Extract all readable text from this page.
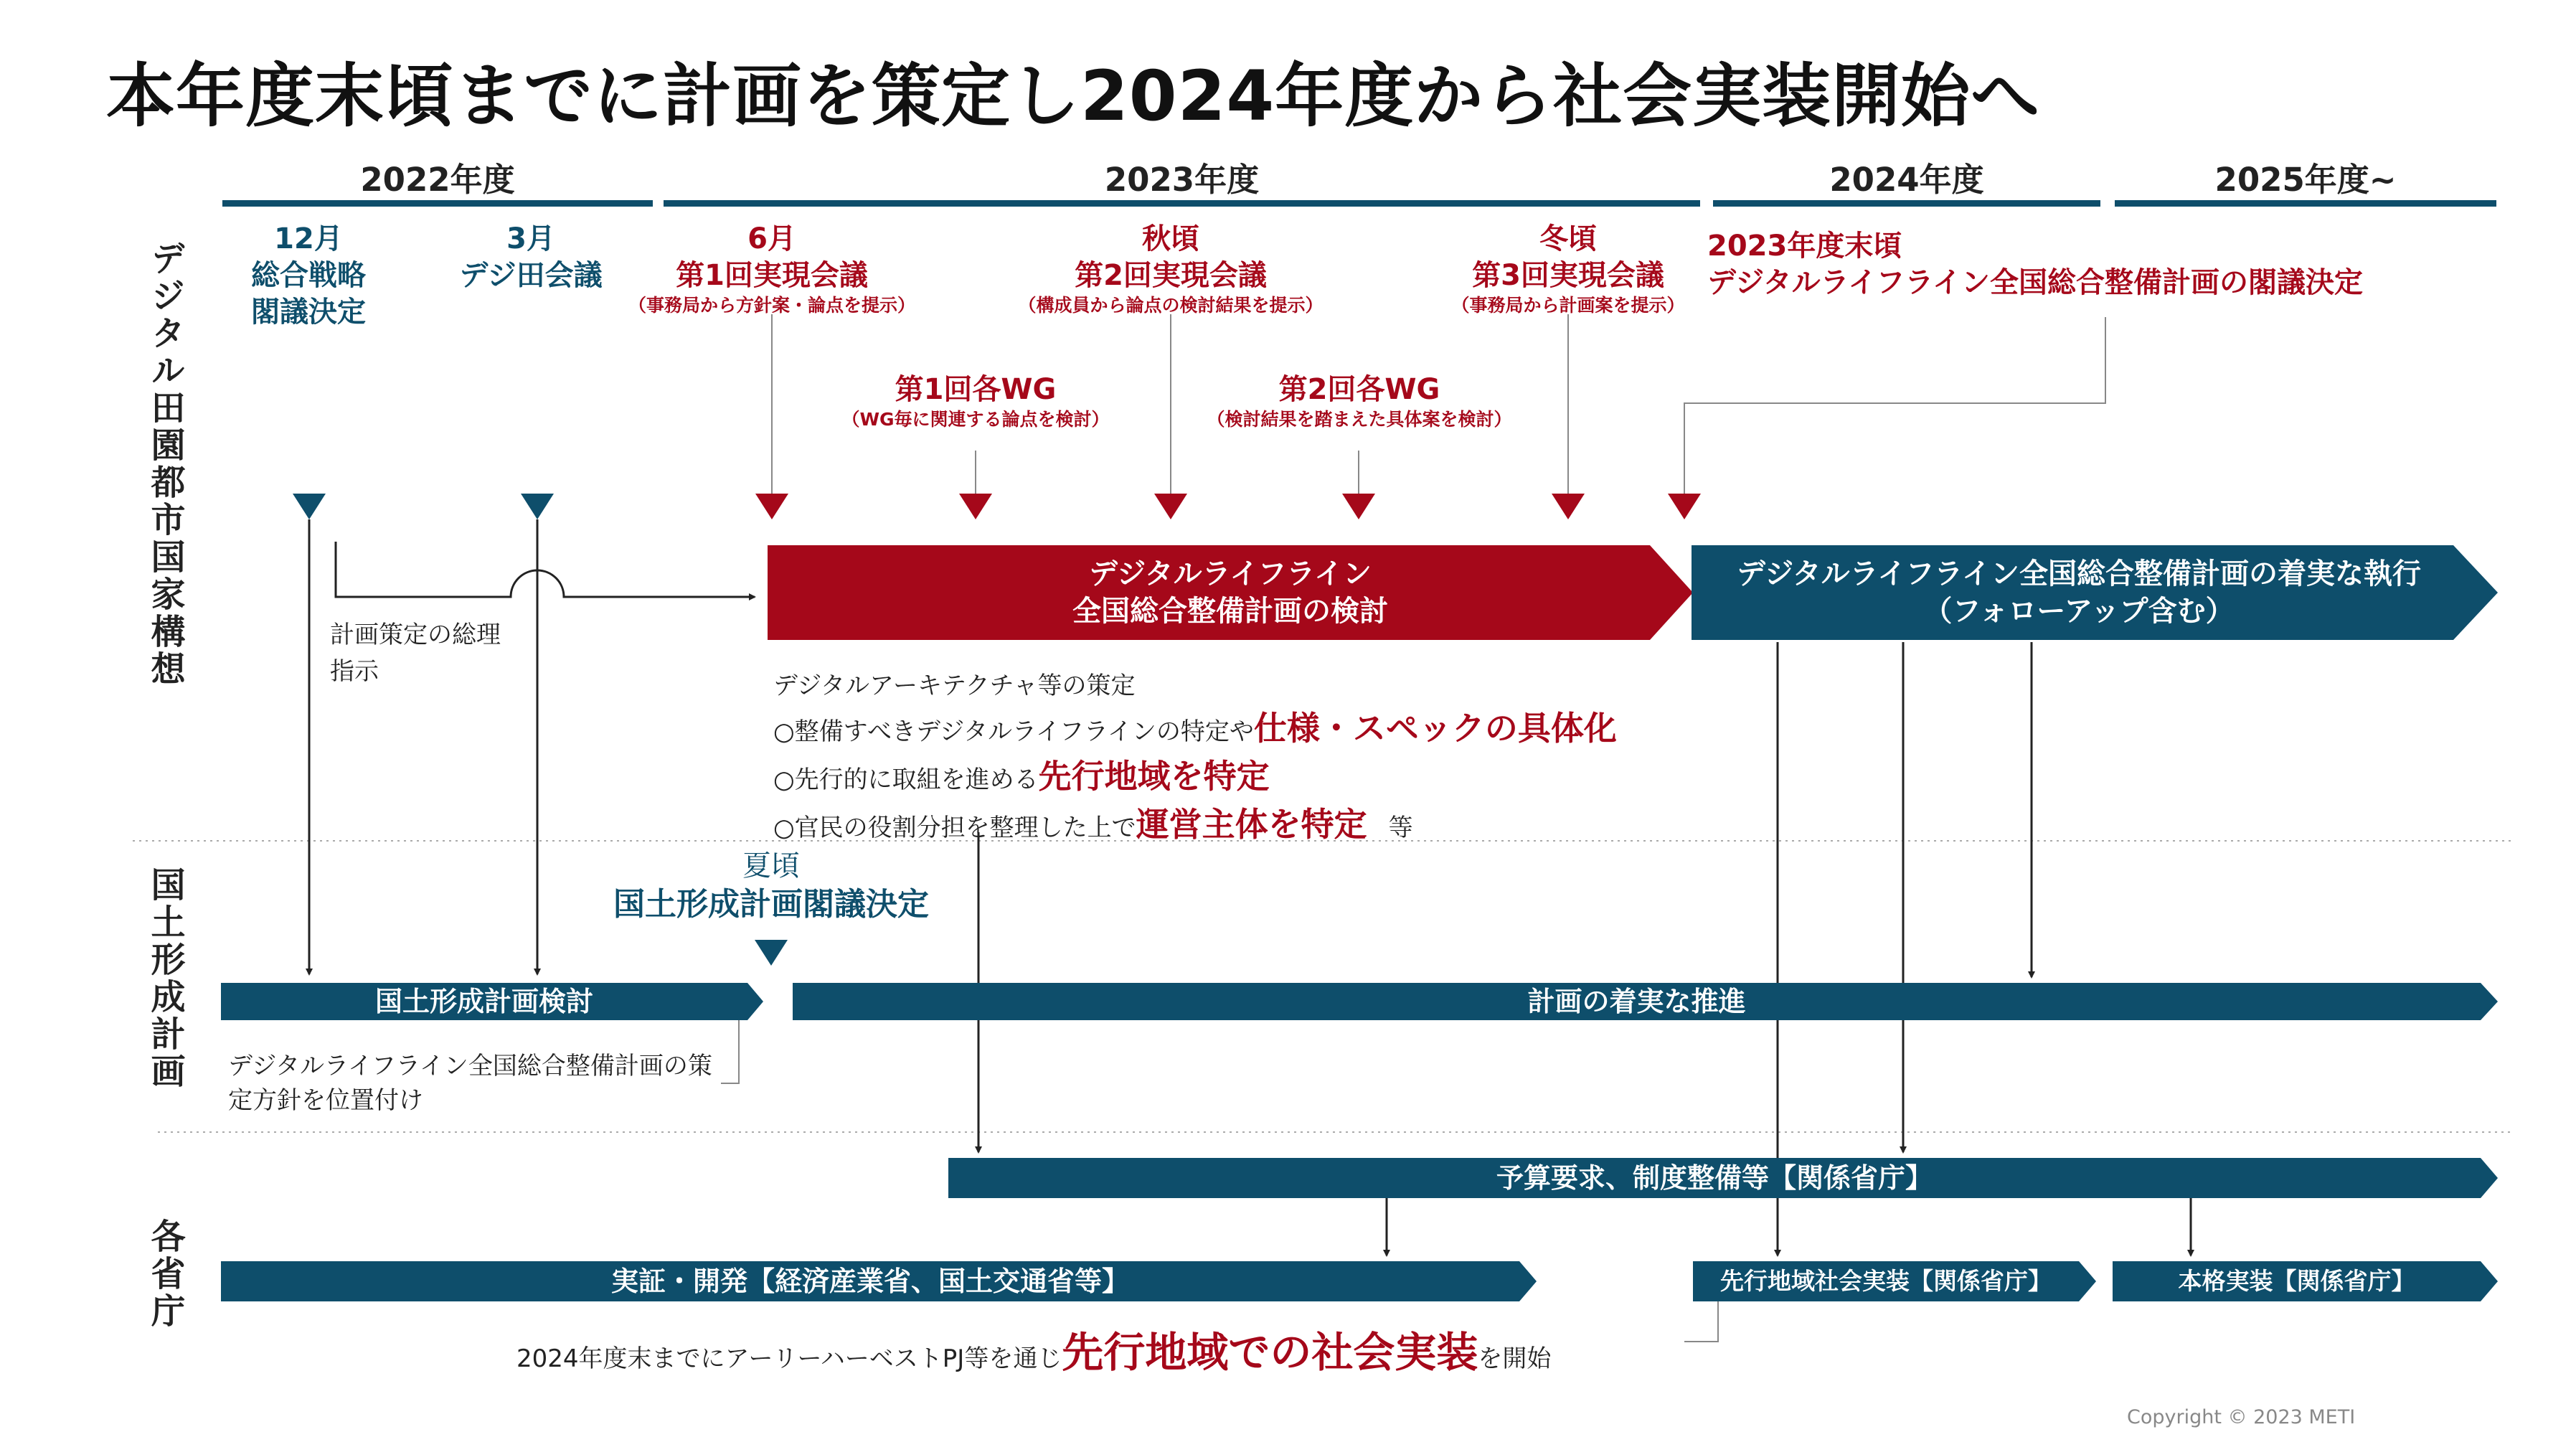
本年度末頃までに計画を策定し2024年度から社会実装開始へ
2022年度	2023年度	2024年度	2025年度~
デジタル田園都市国家構想
国土形成計画
各省庁
12月
総合戦略
閣議決定
3月
デジ田会議
6月
第1回実現会議
（事務局から方針案・論点を提示）
秋頃
第2回実現会議
（構成員から論点の検討結果を提示）
冬頃
第3回実現会議
（事務局から計画案を提示）
2023年度末頃
デジタルライフライン全国総合整備計画の閣議決定
第1回各WG
（WG毎に関連する論点を検討）
第2回各WG
（検討結果を踏まえた具体案を検討）
夏頃
国土形成計画閣議決定
デジタルライフライン
全国総合整備計画の検討
デジタルライフライン全国総合整備計画の着実な執行
（フォローアップ含む）
国土形成計画検討	計画の着実な推進
予算要求、制度整備等【関係省庁】
実証・開発【経済産業省、国土交通省等】	先行地域社会実装【関係省庁】	本格実装【関係省庁】
計画策定の総理指示	デジタルアーキテクチャ等の策定
○整備すべきデジタルライフラインの特定や仕様・スペックの具体化
○先行的に取組を進める先行地域を特定
○官民の役割分担を整理した上で運営主体を特定 等
デジタルライフライン全国総合整備計画の策定方針を位置付け
2024年度末までにアーリーハーベストPJ等を通じ先行地域での社会実装を開始
Copyright © 2023 METI
